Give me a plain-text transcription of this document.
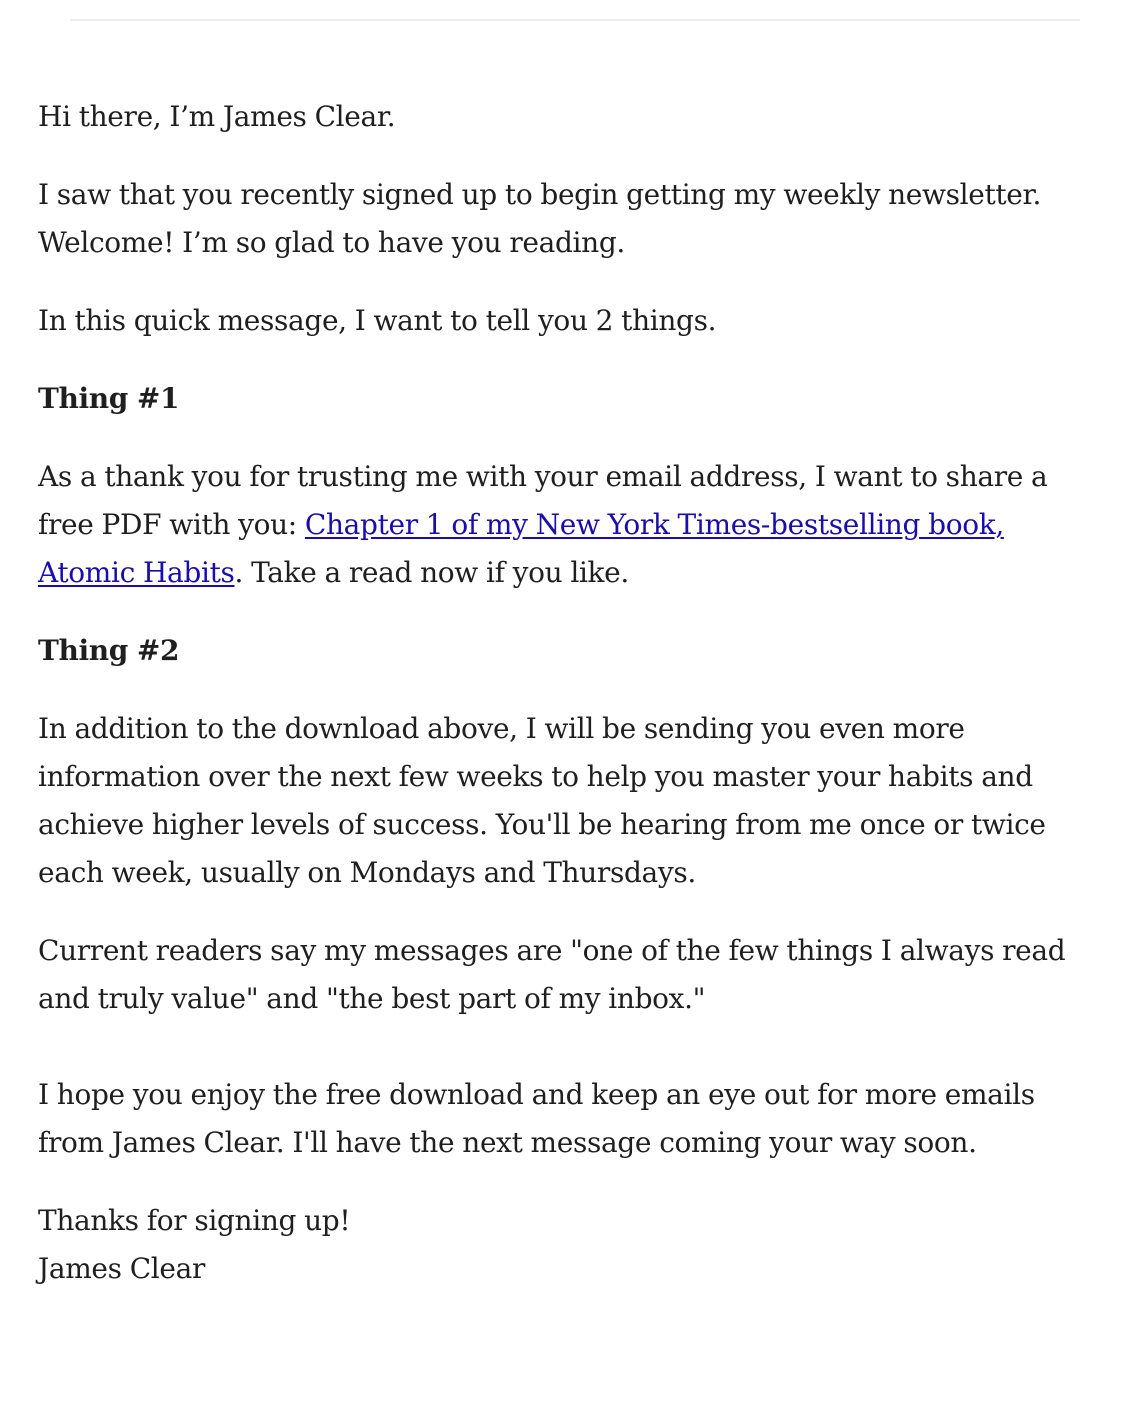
Hi there, I’m James Clear.

I saw that you recently signed up to begin getting my weekly newsletter. Welcome! I’m so glad to have you reading.

In this quick message, I want to tell you 2 things.

Thing #1

As a thank you for trusting me with your email address, I want to share a free PDF with you: Chapter 1 of my New York Times-bestselling book, Atomic Habits. Take a read now if you like.

Thing #2

In addition to the download above, I will be sending you even more information over the next few weeks to help you master your habits and achieve higher levels of success. You'll be hearing from me once or twice each week, usually on Mondays and Thursdays.

Current readers say my messages are "one of the few things I always read and truly value" and "the best part of my inbox."

I hope you enjoy the free download and keep an eye out for more emails from James Clear. I'll have the next message coming your way soon.

Thanks for signing up!
James Clear
